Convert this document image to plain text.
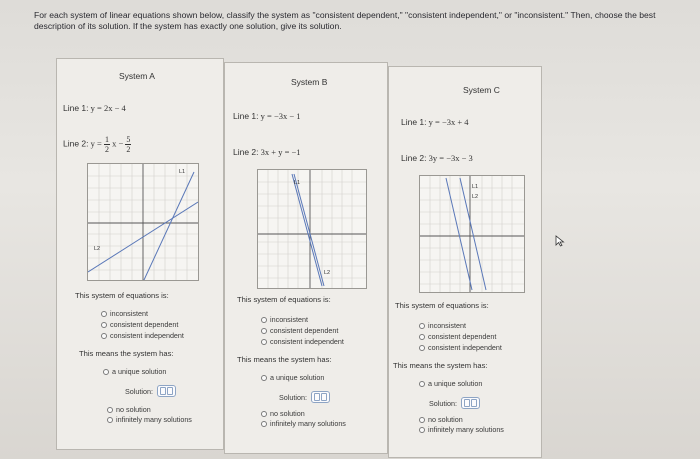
For each system of linear equations shown below, classify the system as "consistent dependent," "consistent independent," or "inconsistent." Then, choose the best description of its solution. If the system has exactly one solution, give its solution.
System A
Line 1: y = 2x − 4
Line 2: $y = \frac{1}{2}$ $x - \frac{5}{2}$
L1
L2
This system of equations is:
inconsistent
consistent dependent
consistent independent
This means the system has:
a unique solution
Solution:
no solution
infinitely many solutions
System B
Line 1: y = −3x − 1
Line 2: 3x + y = −1
L1
L2
This system of equations is:
inconsistent
consistent dependent
consistent independent
This means the system has:
a unique solution
Solution:
no solution
infinitely many solutions
System C
Line 1: y = −3x + 4
Line 2: 3y = −3x − 3
L1
L2
This system of equations is:
inconsistent
consistent dependent
consistent independent
This means the system has:
a unique solution
Solution:
no solution
infinitely many solutions
